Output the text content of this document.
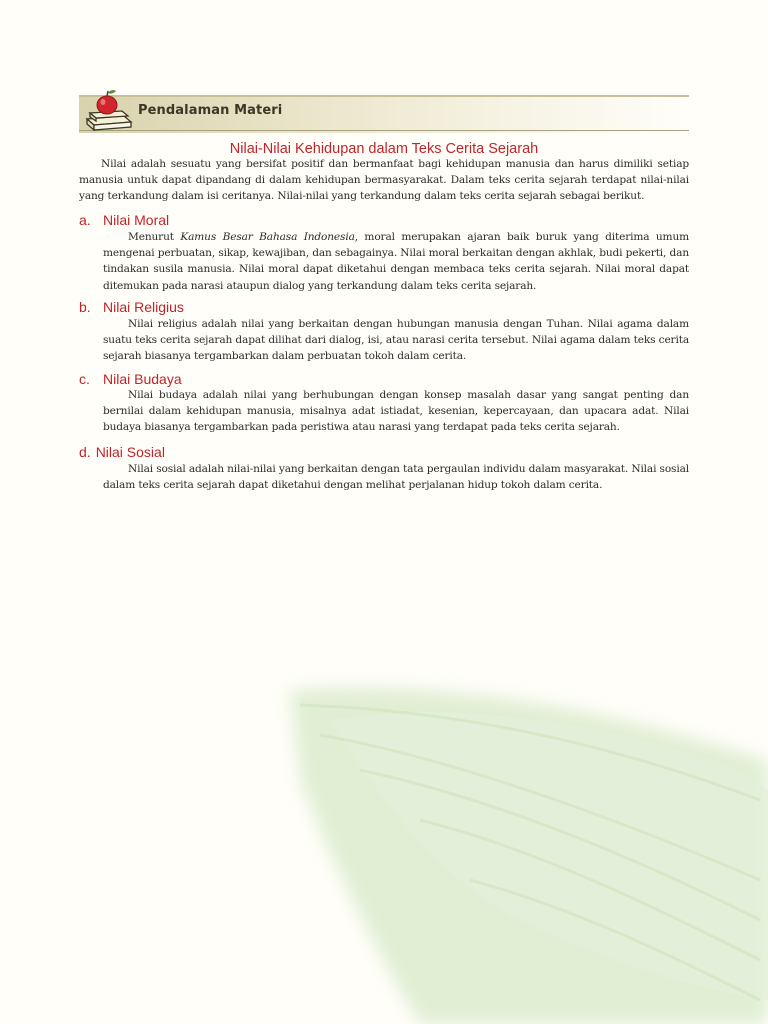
Pendalaman Materi
Nilai-Nilai Kehidupan dalam Teks Cerita Sejarah

Nilai adalah sesuatu yang bersifat positif dan bermanfaat bagi kehidupan manusia dan harus dimiliki setiap manusia untuk dapat dipandang di dalam kehidupan bermasyarakat. Dalam teks cerita sejarah terdapat nilai-nilai yang terkandung dalam isi ceritanya. Nilai-nilai yang terkandung dalam teks cerita sejarah sebagai berikut.

a. Nilai Moral

Menurut Kamus Besar Bahasa Indonesia, moral merupakan ajaran baik buruk yang diterima umum mengenai perbuatan, sikap, kewajiban, dan sebagainya. Nilai moral berkaitan dengan akhlak, budi pekerti, dan tindakan susila manusia. Nilai moral dapat diketahui dengan membaca teks cerita sejarah. Nilai moral dapat ditemukan pada narasi ataupun dialog yang terkandung dalam teks cerita sejarah.

b. Nilai Religius

Nilai religius adalah nilai yang berkaitan dengan hubungan manusia dengan Tuhan. Nilai agama dalam suatu teks cerita sejarah dapat dilihat dari dialog, isi, atau narasi cerita tersebut. Nilai agama dalam teks cerita sejarah biasanya tergambarkan dalam perbuatan tokoh dalam cerita.

c. Nilai Budaya

Nilai budaya adalah nilai yang berhubungan dengan konsep masalah dasar yang sangat penting dan bernilai dalam kehidupan manusia, misalnya adat istiadat, kesenian, kepercayaan, dan upacara adat. Nilai budaya biasanya tergambarkan pada peristiwa atau narasi yang terdapat pada teks cerita sejarah.

d. Nilai Sosial

Nilai sosial adalah nilai-nilai yang berkaitan dengan tata pergaulan individu dalam masyarakat. Nilai sosial dalam teks cerita sejarah dapat diketahui dengan melihat perjalanan hidup tokoh dalam cerita.
